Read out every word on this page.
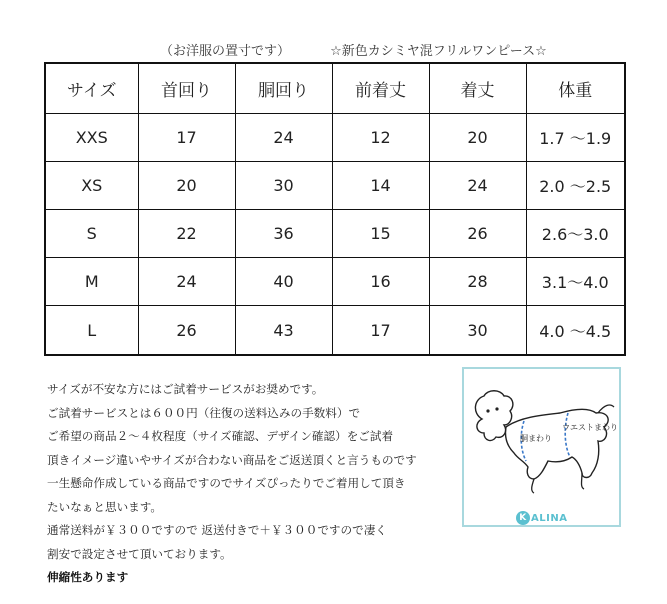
（お洋服の置寸です）	☆新色カシミヤ混フリルワンピース☆
サイズ	首回り	胴回り	前着丈	着丈	体重
XXS	17	24	12	20	1.7 〜1.9
XS	20	30	14	24	2.0 〜2.5
S	22	36	15	26	2.6〜3.0
M	24	40	16	28	3.1〜4.0
L	26	43	17	30	4.0 〜4.5
サイズが不安な方にはご試着サービスがお奨めです。
ご試着サービスとは６００円（往復の送料込みの手数料）で
ご希望の商品２～４枚程度（サイズ確認、デザイン確認）をご試着
頂きイメージ違いやサイズが合わない商品をご返送頂くと言うものです
一生懸命作成している商品ですのでサイズぴったりでご着用して頂き
たいなぁと思います。
通常送料が￥３００ですので 返送付きで＋￥３００ですので凄く
割安で設定させて頂いております。
伸縮性あります
ウエストまわり
胴まわり
K ALINA
